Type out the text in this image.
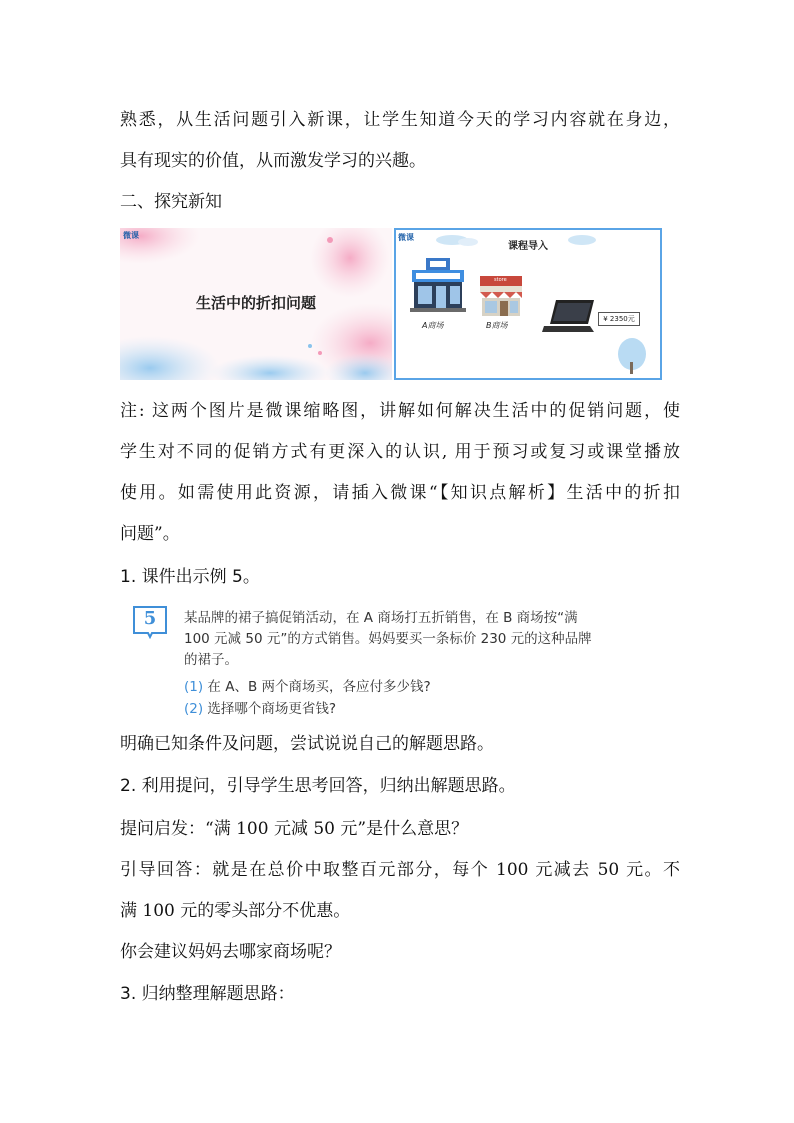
熟悉，从生活问题引入新课，让学生知道今天的学习内容就在身边，
具有现实的价值，从而激发学习的兴趣。
二、探究新知
微课
生活中的折扣问题
微课
课程导入
A商场
store
B商场
¥ 2350元
注: 这两个图片是微课缩略图，讲解如何解决生活中的促销问题，使
学生对不同的促销方式有更深入的认识, 用于预习或复习或课堂播放
使用。如需使用此资源，请插入微课“【知识点解析】生活中的折扣
问题”。
1. 课件出示例 5。
5	某品牌的裙子搞促销活动，在 A 商场打五折销售，在 B 商场按“满
100 元减 50 元”的方式销售。妈妈要买一条标价 230 元的这种品牌
的裙子。
(1) 在 A、B 两个商场买，各应付多少钱?
(2) 选择哪个商场更省钱?
明确已知条件及问题，尝试说说自己的解题思路。
2. 利用提问，引导学生思考回答，归纳出解题思路。
提问启发：“满 100 元减 50 元”是什么意思？
引导回答：就是在总价中取整百元部分，每个 100 元减去 50 元。不
满 100 元的零头部分不优惠。
你会建议妈妈去哪家商场呢？
3. 归纳整理解题思路：
